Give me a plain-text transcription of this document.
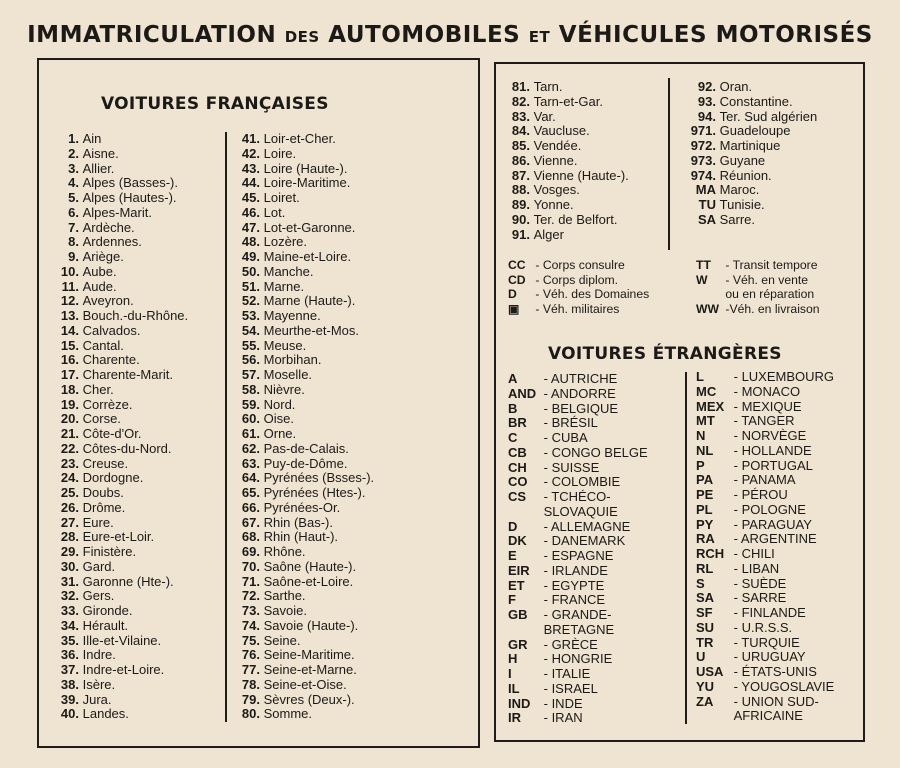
IMMATRICULATION DES AUTOMOBILES ET VÉHICULES MOTORISÉS
VOITURES FRANÇAISES
1. Ain
2. Aisne.
3. Allier.
4. Alpes (Basses-).
5. Alpes (Hautes-).
6. Alpes-Marit.
7. Ardèche.
8. Ardennes.
9. Ariège.
10. Aube.
11. Aude.
12. Aveyron.
13. Bouch.-du-Rhône.
14. Calvados.
15. Cantal.
16. Charente.
17. Charente-Marit.
18. Cher.
19. Corrèze.
20. Corse.
21. Côte-d'Or.
22. Côtes-du-Nord.
23. Creuse.
24. Dordogne.
25. Doubs.
26. Drôme.
27. Eure.
28. Eure-et-Loir.
29. Finistère.
30. Gard.
31. Garonne (Hte-).
32. Gers.
33. Gironde.
34. Hérault.
35. Ille-et-Vilaine.
36. Indre.
37. Indre-et-Loire.
38. Isère.
39. Jura.
40. Landes.
41. Loir-et-Cher.
42. Loire.
43. Loire (Haute-).
44. Loire-Maritime.
45. Loiret.
46. Lot.
47. Lot-et-Garonne.
48. Lozère.
49. Maine-et-Loire.
50. Manche.
51. Marne.
52. Marne (Haute-).
53. Mayenne.
54. Meurthe-et-Mos.
55. Meuse.
56. Morbihan.
57. Moselle.
58. Nièvre.
59. Nord.
60. Oise.
61. Orne.
62. Pas-de-Calais.
63. Puy-de-Dôme.
64. Pyrénées (Bsses-).
65. Pyrénées (Htes-).
66. Pyrénées-Or.
67. Rhin (Bas-).
68. Rhin (Haut-).
69. Rhône.
70. Saône (Haute-).
71. Saône-et-Loire.
72. Sarthe.
73. Savoie.
74. Savoie (Haute-).
75. Seine.
76. Seine-Maritime.
77. Seine-et-Marne.
78. Seine-et-Oise.
79. Sèvres (Deux-).
80. Somme.
81. Tarn.
82. Tarn-et-Gar.
83. Var.
84. Vaucluse.
85. Vendée.
86. Vienne.
87. Vienne (Haute-).
88. Vosges.
89. Yonne.
90. Ter. de Belfort.
91. Alger
92. Oran.
93. Constantine.
94. Ter. Sud algérien
971. Guadeloupe
972. Martinique
973. Guyane
974. Réunion.
MA Maroc.
TU Tunisie.
SA Sarre.
CC - Corps consulre
CD - Corps diplom.
D - Véh. des Domaines
▣ - Véh. militaires
TT - Transit tempore
W - Véh. en vente
ou en réparation
WW -Véh. en livraison
VOITURES ÉTRANGÈRES
A - AUTRICHE
AND - ANDORRE
B - BELGIQUE
BR - BRÉSIL
C - CUBA
CB - CONGO BELGE
CH - SUISSE
CO - COLOMBIE
CS - TCHÉCO-
SLOVAQUIE
D - ALLEMAGNE
DK - DANEMARK
E - ESPAGNE
EIR - IRLANDE
ET - EGYPTE
F - FRANCE
GB - GRANDE-
BRETAGNE
GR - GRÈCE
H - HONGRIE
I - ITALIE
IL - ISRAEL
IND - INDE
IR - IRAN
L - LUXEMBOURG
MC - MONACO
MEX - MEXIQUE
MT - TANGER
N - NORVÈGE
NL - HOLLANDE
P - PORTUGAL
PA - PANAMA
PE - PÉROU
PL - POLOGNE
PY - PARAGUAY
RA - ARGENTINE
RCH - CHILI
RL - LIBAN
S - SUÈDE
SA - SARRE
SF - FINLANDE
SU - U.R.S.S.
TR - TURQUIE
U - URUGUAY
USA - ÉTATS-UNIS
YU - YOUGOSLAVIE
ZA - UNION SUD-
AFRICAINE
